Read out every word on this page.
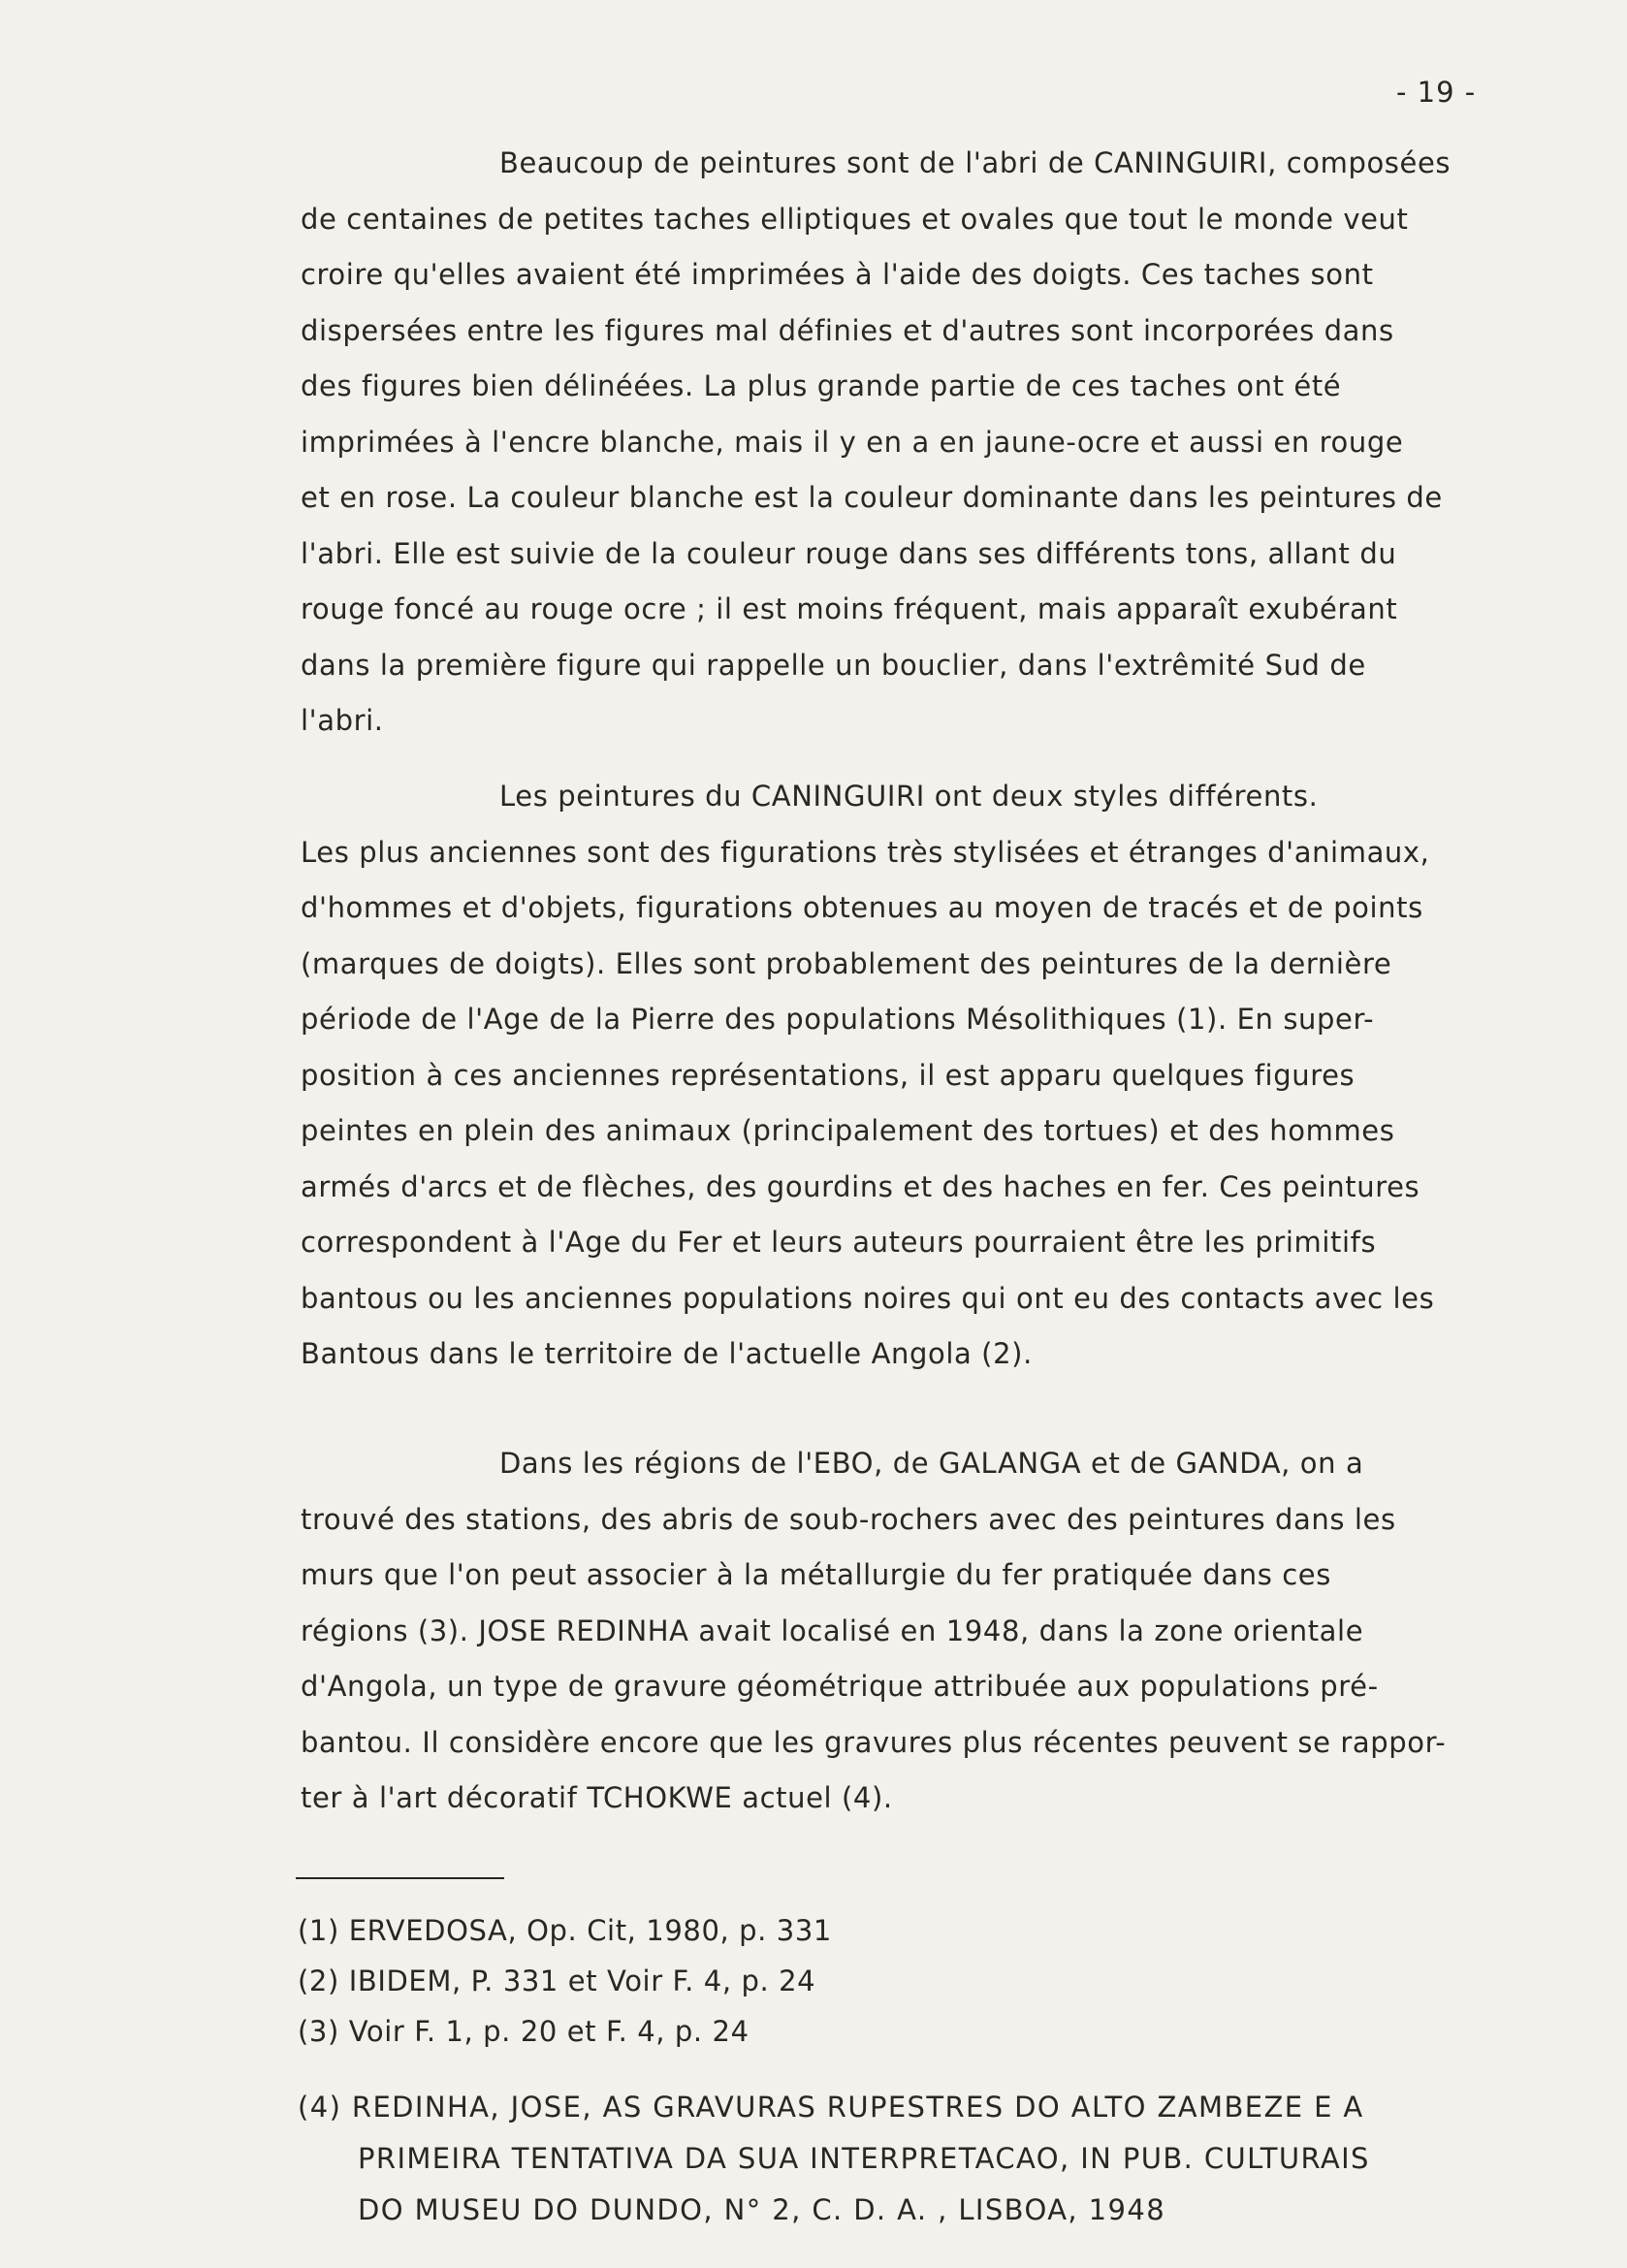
- 19 -

Beaucoup de peintures sont de l'abri de CANINGUIRI, composées
de centaines de petites taches elliptiques et ovales que tout le monde veut
croire qu'elles avaient été imprimées à l'aide des doigts. Ces taches sont
dispersées entre les figures mal définies et d'autres sont incorporées dans
des figures bien délinéées. La plus grande partie de ces taches ont été
imprimées à l'encre blanche, mais il y en a en jaune-ocre et aussi en rouge
et en rose. La couleur blanche est la couleur dominante dans les peintures de
l'abri. Elle est suivie de la couleur rouge dans ses différents tons, allant du
rouge foncé au rouge ocre ; il est moins fréquent, mais apparaît exubérant
dans la première figure qui rappelle un bouclier, dans l'extrêmité Sud de
l'abri.

Les peintures du CANINGUIRI ont deux styles différents.
Les plus anciennes sont des figurations très stylisées et étranges d'animaux,
d'hommes et d'objets, figurations obtenues au moyen de tracés et de points
(marques de doigts). Elles sont probablement des peintures de la dernière
période de l'Age de la Pierre des populations Mésolithiques (1). En super-
position à ces anciennes représentations, il est apparu quelques figures
peintes en plein des animaux (principalement des tortues) et des hommes
armés d'arcs et de flèches, des gourdins et des haches en fer. Ces peintures
correspondent à l'Age du Fer et leurs auteurs pourraient être les primitifs
bantous ou les anciennes populations noires qui ont eu des contacts avec les
Bantous dans le territoire de l'actuelle Angola (2).

Dans les régions de l'EBO, de GALANGA et de GANDA, on a
trouvé des stations, des abris de soub-rochers avec des peintures dans les
murs que l'on peut associer à la métallurgie du fer pratiquée dans ces
régions (3). JOSE REDINHA avait localisé en 1948, dans la zone orientale
d'Angola, un type de gravure géométrique attribuée aux populations pré-
bantou. Il considère encore que les gravures plus récentes peuvent se rappor-
ter à l'art décoratif TCHOKWE actuel (4).

(1) ERVEDOSA, Op. Cit, 1980, p. 331
(2) IBIDEM, P. 331 et Voir F. 4, p. 24
(3) Voir F. 1, p. 20 et F. 4, p. 24
(4) REDINHA, JOSE, AS GRAVURAS RUPESTRES DO ALTO ZAMBEZE E A
PRIMEIRA TENTATIVA DA SUA INTERPRETACAO, IN PUB. CULTURAIS
DO MUSEU DO DUNDO, N° 2, C. D. A. , LISBOA, 1948
